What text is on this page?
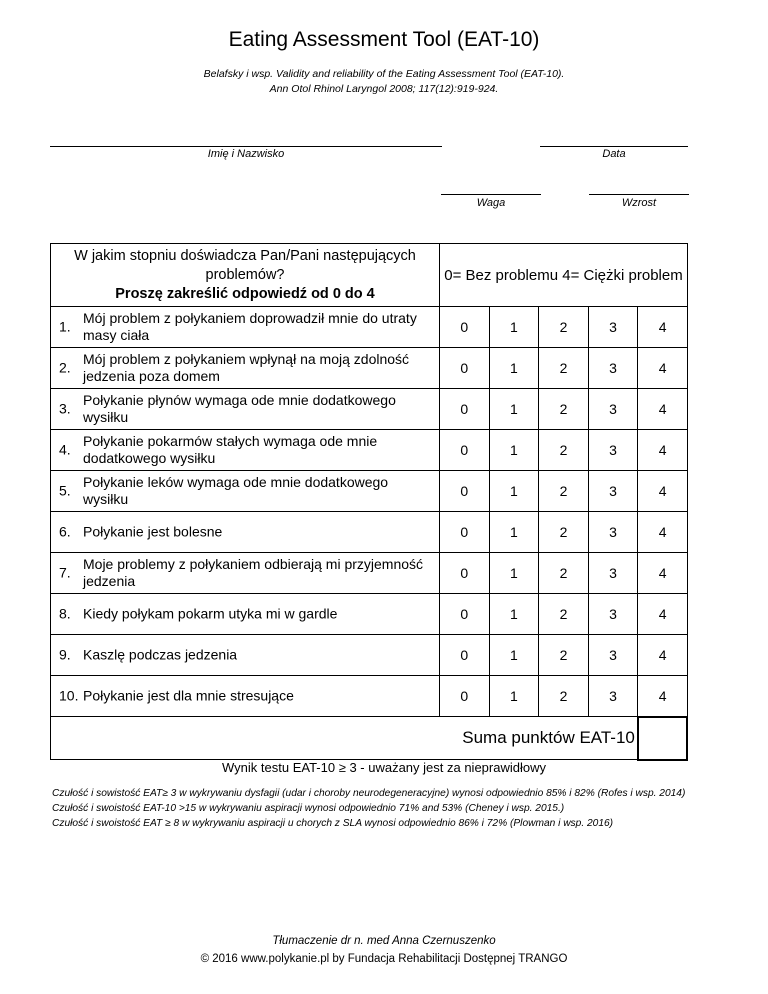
Eating Assessment Tool (EAT-10)
Belafsky i wsp. Validity and reliability of the Eating Assessment Tool (EAT-10).
Ann Otol Rhinol Laryngol 2008; 117(12):919-924.
Imię i Nazwisko	Data
Waga	Wzrost
W jakim stopniu doświadcza Pan/Pani następujących
problemów?
Proszę zakreślić odpowiedź od 0 do 4	0= Bez problemu 4= Ciężki problem				

1.
Mój problem z połykaniem doprowadził mnie do utraty masy ciała	0	1	2	3	4

2.
Mój problem z połykaniem wpłynął na moją zdolność jedzenia poza domem	0	1	2	3	4

3.
Połykanie płynów wymaga ode mnie dodatkowego wysiłku	0	1	2	3	4

4.
Połykanie pokarmów stałych wymaga ode mnie dodatkowego wysiłku	0	1	2	3	4

5.
Połykanie leków wymaga ode mnie dodatkowego wysiłku	0	1	2	3	4

6. Połykanie jest bolesne	0	1	2	3	4

7.
Moje problemy z połykaniem odbierają mi przyjemność jedzenia	0	1	2	3	4

8. Kiedy połykam pokarm utyka mi w gardle	0	1	2	3	4

9. Kaszlę podczas jedzenia	0	1	2	3	4

10. Połykanie jest dla mnie stresujące	0	1	2	3	4
Suma punktów EAT-10					
Wynik testu EAT-10 ≥ 3 - uważany jest za nieprawidłowy
Czułość i sowistość EAT≥ 3 w wykrywaniu dysfagii (udar i choroby neurodegeneracyjne) wynosi odpowiednio 85% i 82% (Rofes i wsp. 2014)
Czułość i swoistość EAT-10 >15 w wykrywaniu aspiracji wynosi odpowiednio 71% and 53% (Cheney i wsp. 2015.)
Czułość i swoistość EAT ≥ 8 w wykrywaniu aspiracji u chorych z SLA wynosi odpowiednio 86% i 72% (Plowman i wsp. 2016)
Tłumaczenie dr n. med Anna Czernuszenko
© 2016 www.polykanie.pl by Fundacja Rehabilitacji Dostępnej TRANGO
